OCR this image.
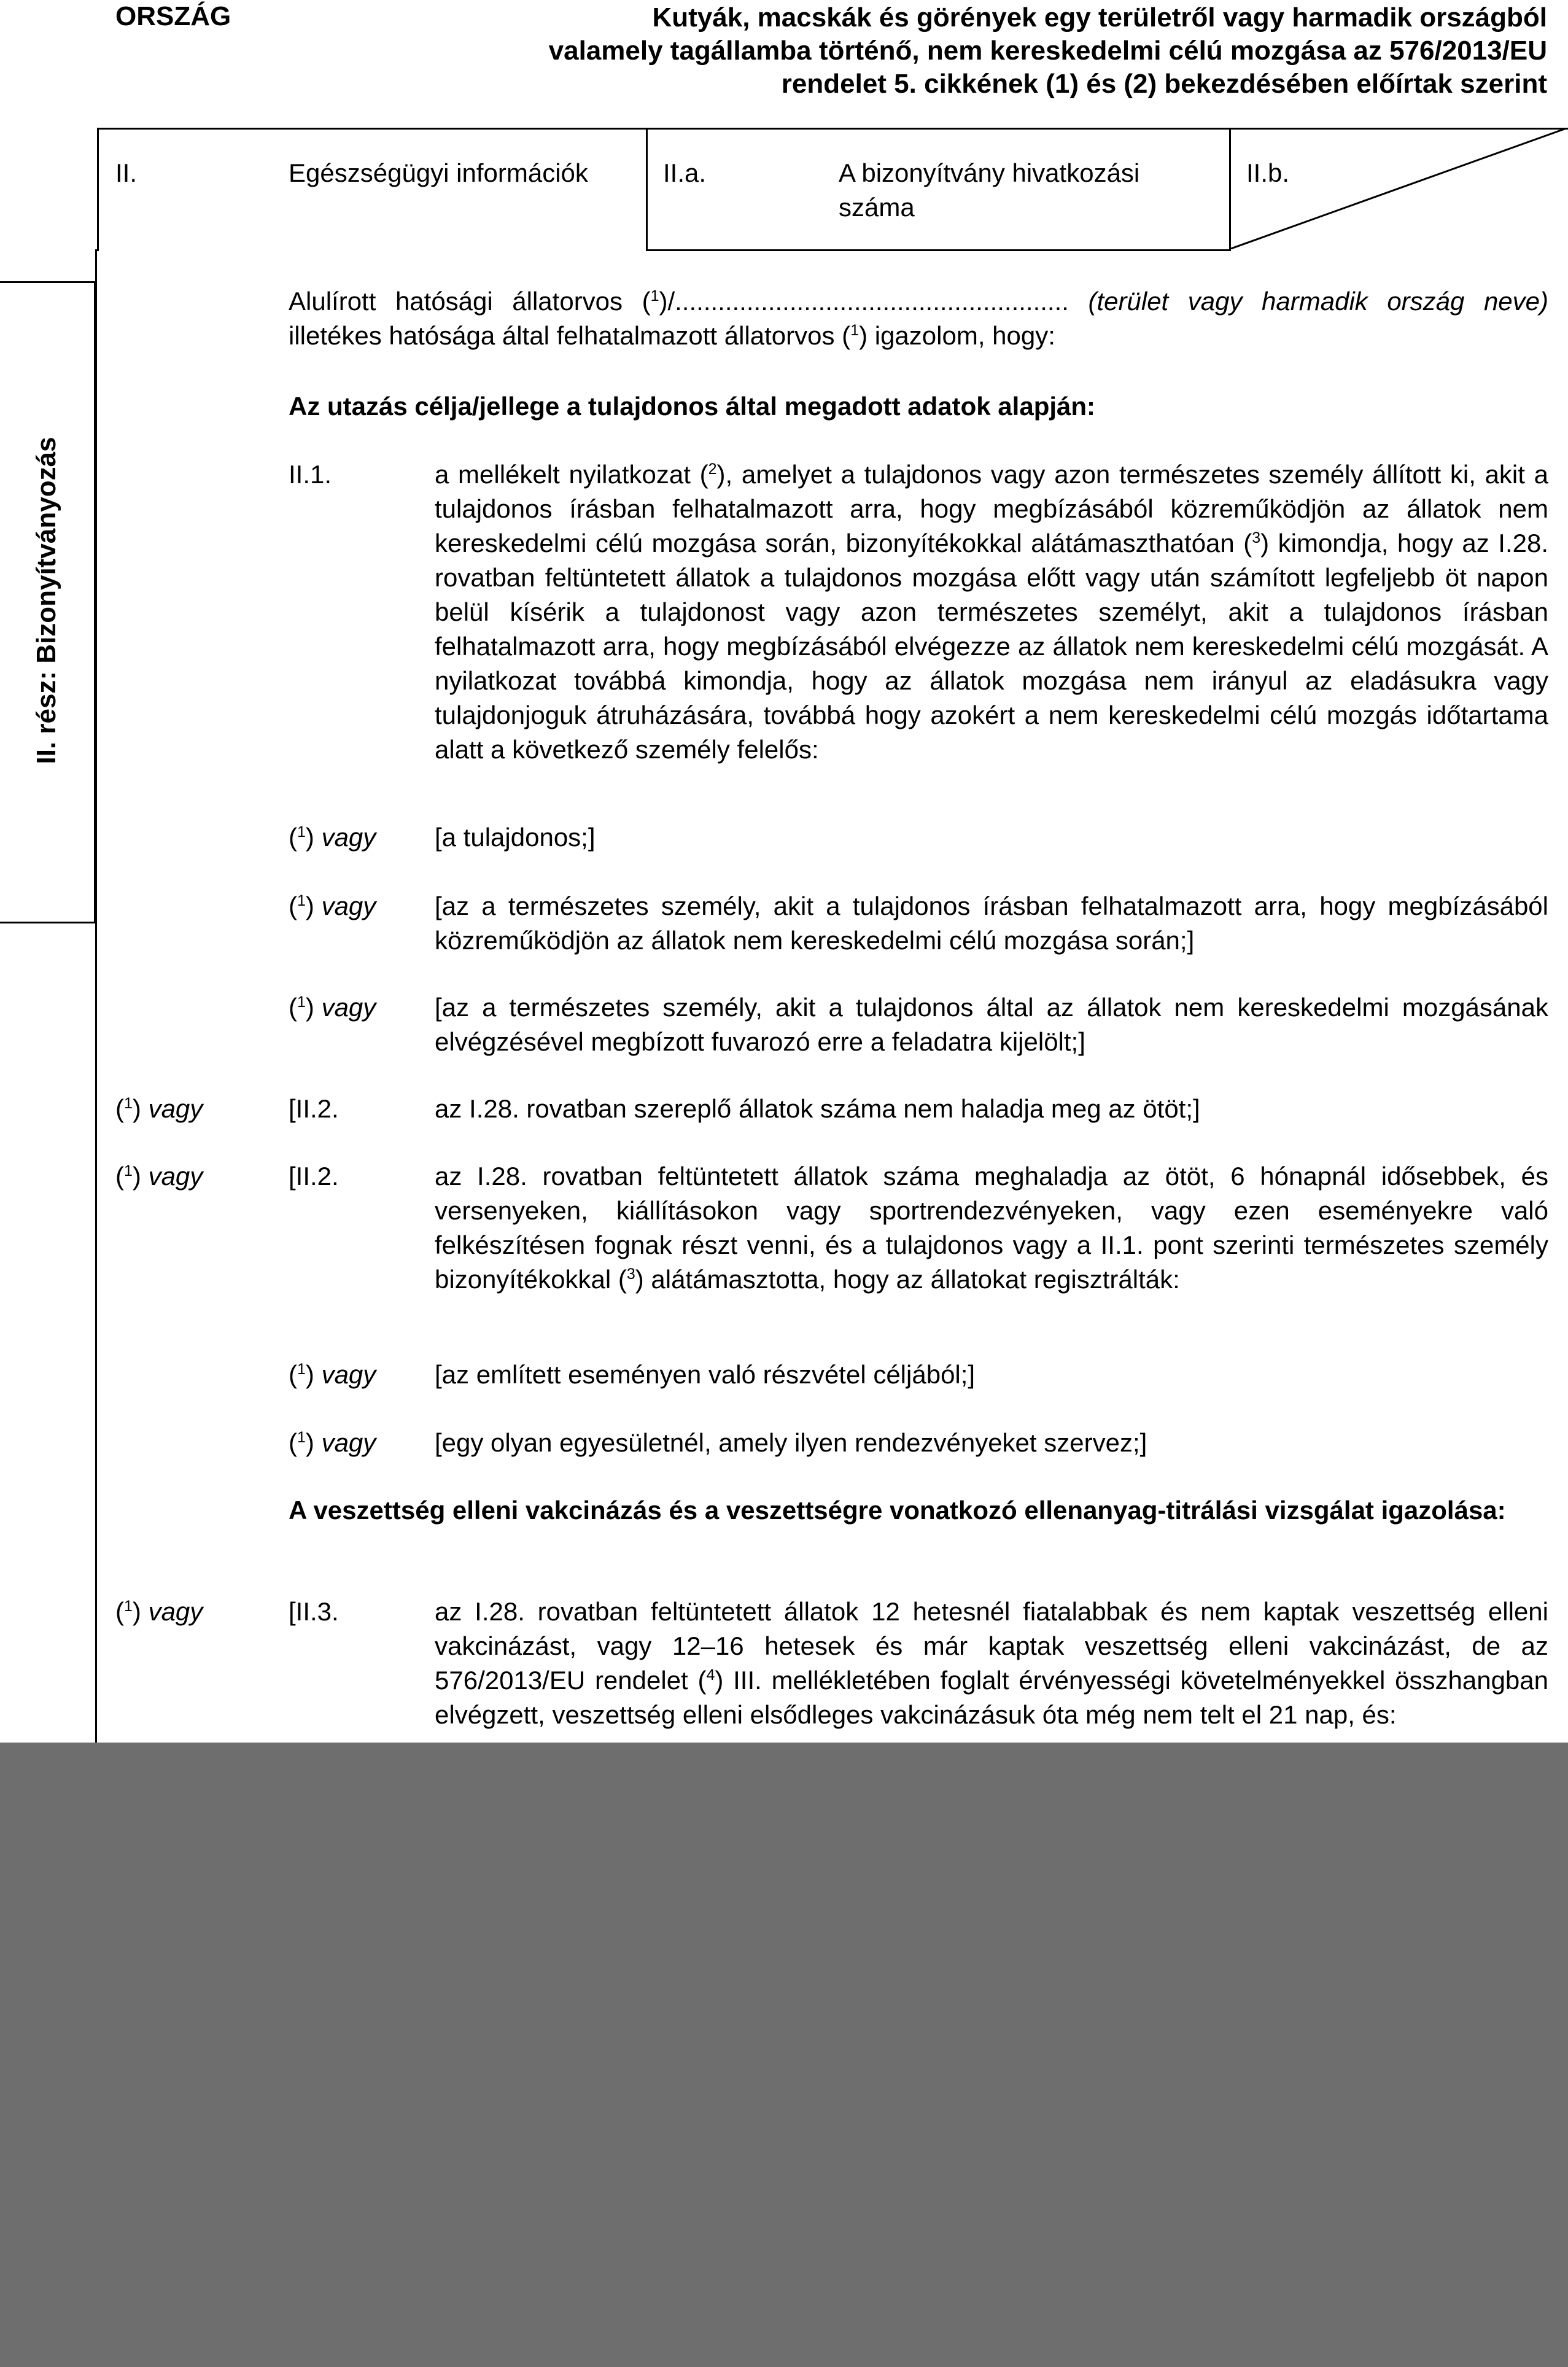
ORSZÁG	Kutyák, macskák és görények egy területről vagy harmadik országból
valamely tagállamba történő, nem kereskedelmi célú mozgása az 576/2013/EU
rendelet 5. cikkének (1) és (2) bekezdésében előírtak szerint
II.	Egészségügyi információk	II.a.	A bizonyítvány hivatkozási
száma
II.b.
II. rész: Bizonyítványozás
Alulírott hatósági állatorvos ($^1$)/....................................................... (terület vagy harmadik ország neve) illetékes hatósága által felhatalmazott állatorvos ($^1$) igazolom, hogy:
Az utazás célja/jellege a tulajdonos által megadott adatok alapján:
II.1.	a mellékelt nyilatkozat ($^2$), amelyet a tulajdonos vagy azon természetes személy állított ki, akit a tulajdonos írásban felhatalmazott arra, hogy megbízásából közreműködjön az állatok nem kereskedelmi célú mozgása során, bizonyítékokkal alátámaszthatóan ($^3$) kimondja, hogy az I.28. rovatban feltüntetett állatok a tulajdonos mozgása előtt vagy után számított legfeljebb öt napon belül kísérik a tulajdonost vagy azon természetes személyt, akit a tulajdonos írásban felhatalmazott arra, hogy megbízásából elvégezze az állatok nem kereskedelmi célú mozgását. A nyilatkozat továbbá kimondja, hogy az állatok mozgása nem irányul az eladásukra vagy tulajdonjoguk átruházására, továbbá hogy azokért a nem kereskedelmi célú mozgás időtartama alatt a következő személy felelős:
($^1$) vagy [a tulajdonos;]
($^1$) vagy [az a természetes személy, akit a tulajdonos írásban felhatalmazott arra, hogy megbízásából közreműködjön az állatok nem kereskedelmi célú mozgása során;]
($^1$) vagy [az a természetes személy, akit a tulajdonos által az állatok nem kereskedelmi mozgásának elvégzésével megbízott fuvarozó erre a feladatra kijelölt;]
($^1$) vagy	[II.2.	az I.28. rovatban szereplő állatok száma nem haladja meg az ötöt;]
($^1$) vagy	[II.2.	az I.28. rovatban feltüntetett állatok száma meghaladja az ötöt, 6 hónapnál idősebbek, és versenyeken, kiállításokon vagy sportrendezvényeken, vagy ezen eseményekre való felkészítésen fognak részt venni, és a tulajdonos vagy a II.1. pont szerinti természetes személy bizonyítékokkal ($^3$) alátámasztotta, hogy az állatokat regisztrálták:
($^1$) vagy [az említett eseményen való részvétel céljából;]
($^1$) vagy [egy olyan egyesületnél, amely ilyen rendezvényeket szervez;]
A veszettség elleni vakcinázás és a veszettségre vonatkozó ellenanyag-titrálási vizsgálat igazolása:
($^1$) vagy	[II.3.	az I.28. rovatban feltüntetett állatok 12 hetesnél fiatalabbak és nem kaptak veszettség elleni vakcinázást, vagy 12–16 hetesek és már kaptak veszettség elleni vakcinázást, de az 576/2013/EU rendelet ($^4$) III. mellékletében foglalt érvényességi követelményekkel összhangban elvégzett, veszettség elleni elsődleges vakcinázásuk óta még nem telt el 21 nap, és:
